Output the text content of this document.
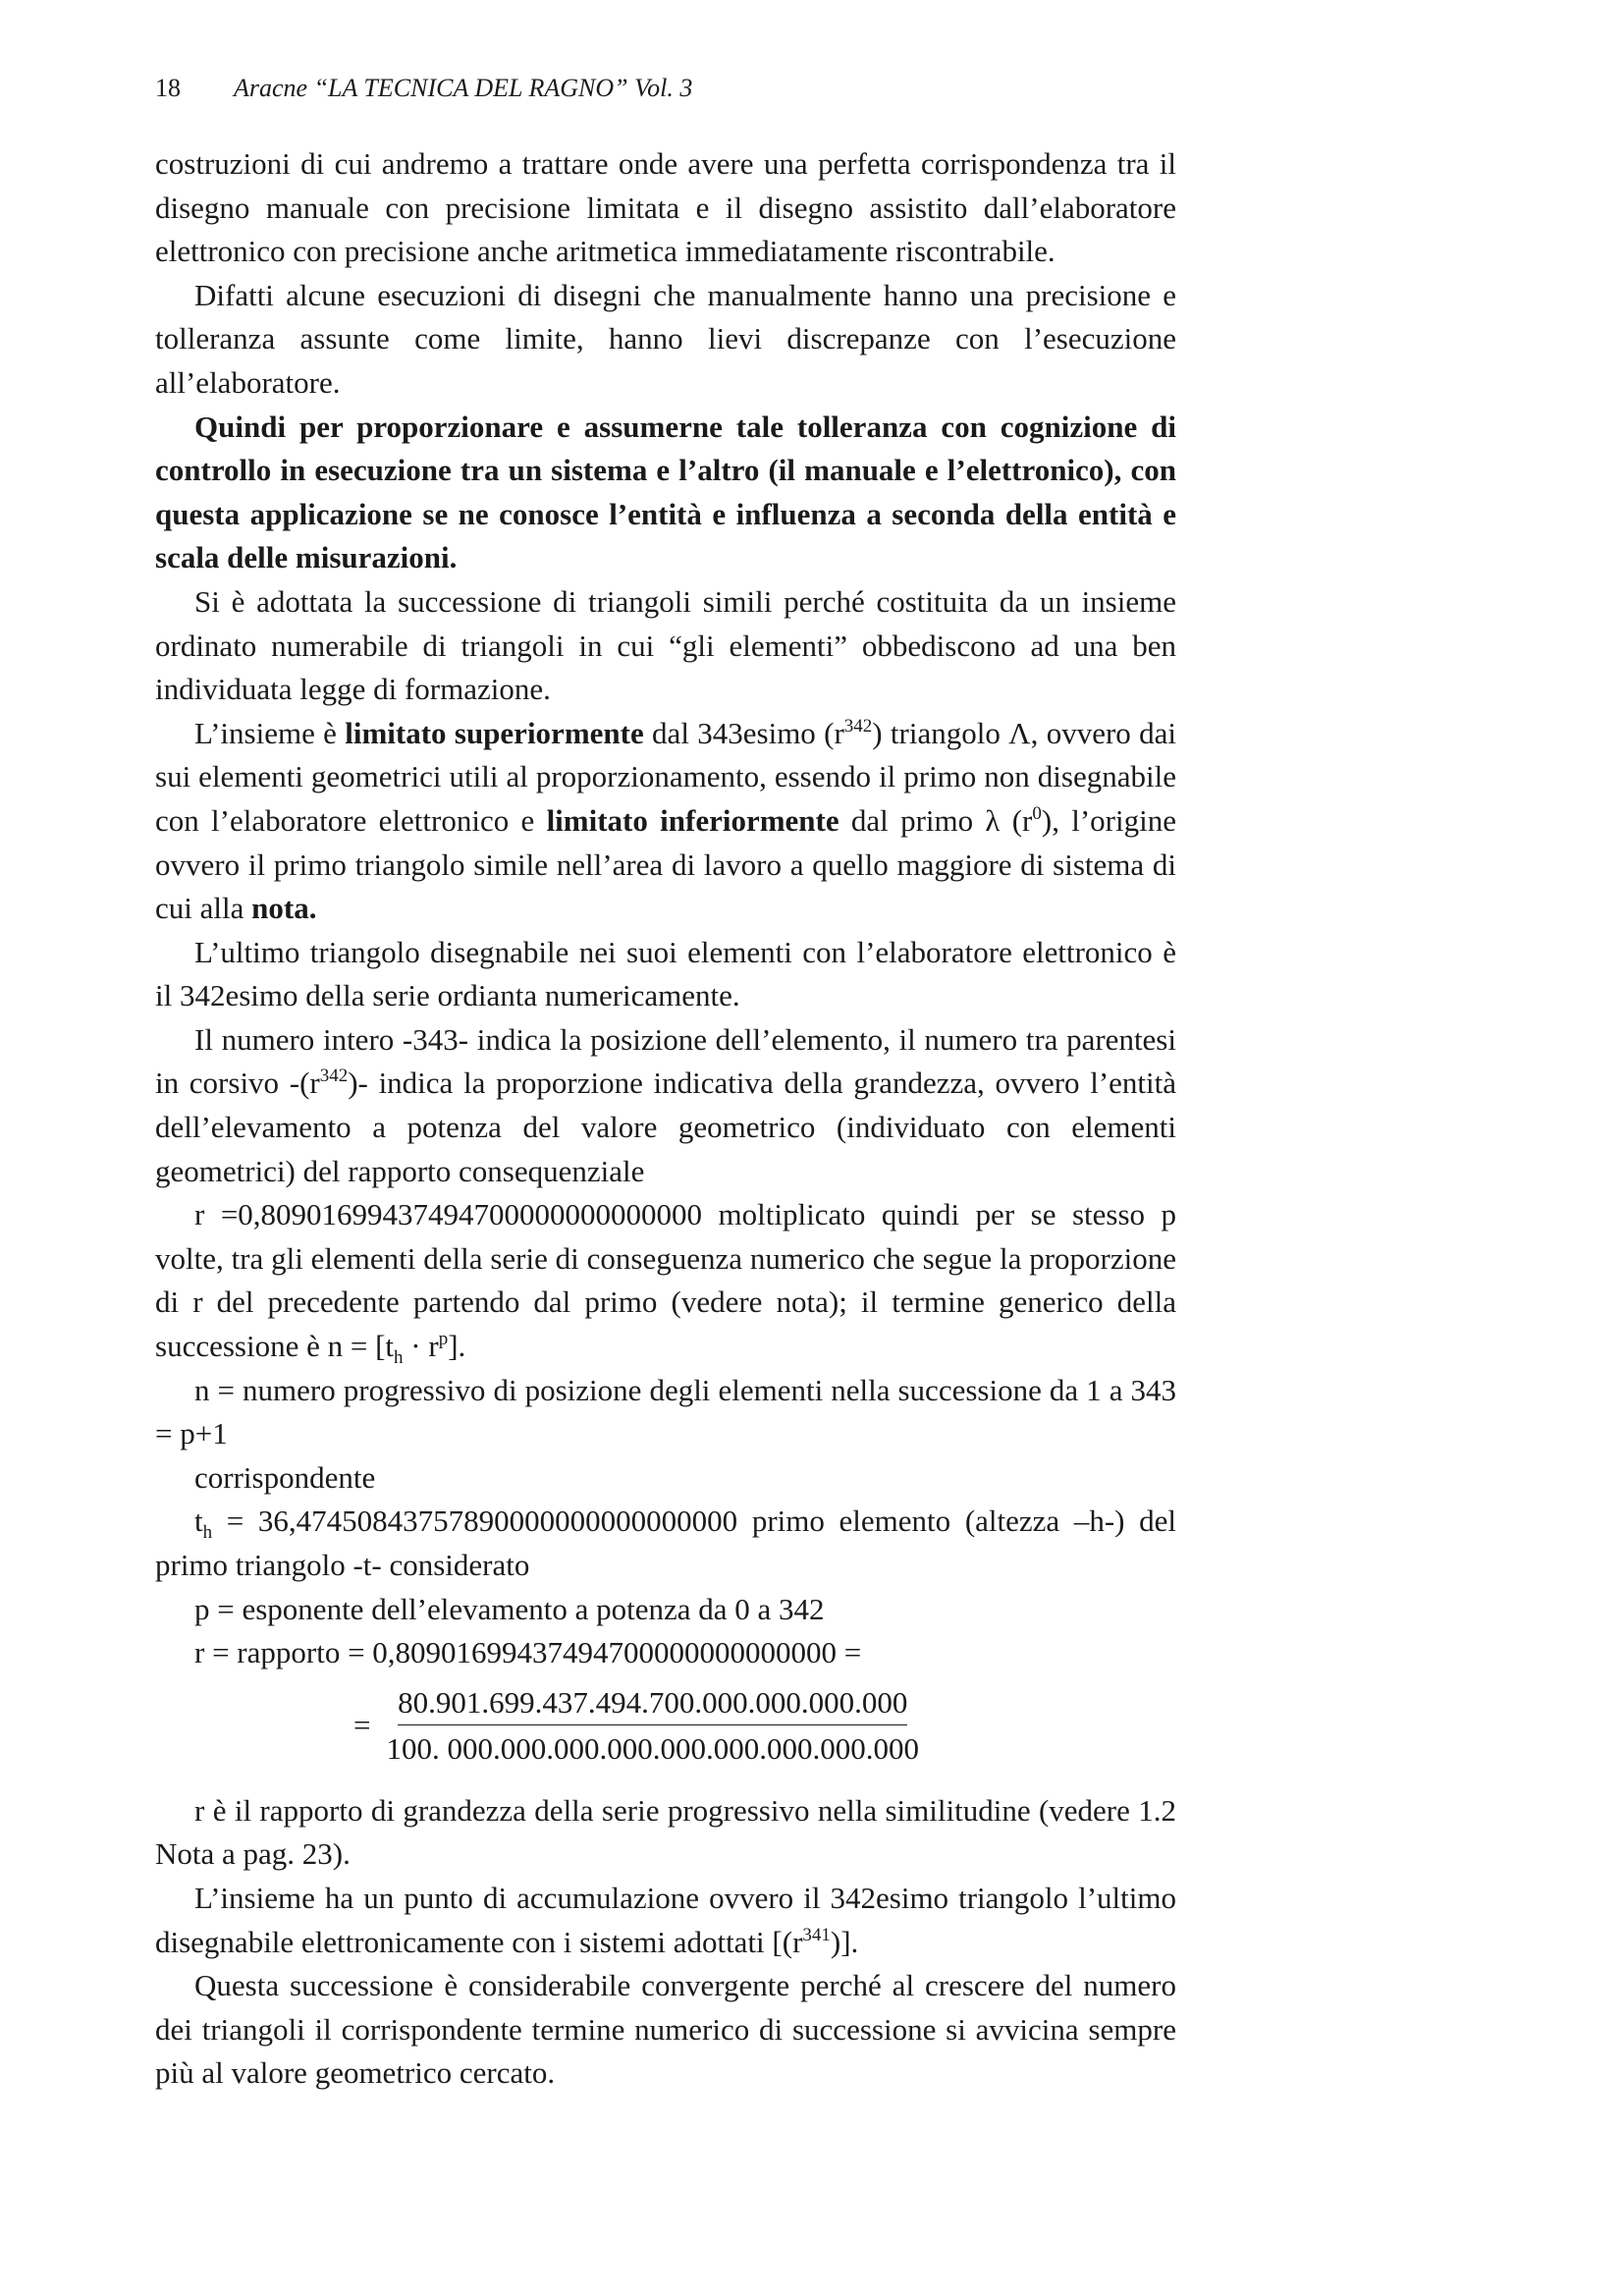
18 Aracne “LA TECNICA DEL RAGNO” Vol. 3

costruzioni di cui andremo a trattare onde avere una perfetta corrispondenza tra il disegno manuale con precisione limitata e il disegno assistito dall’elaboratore elettronico con precisione anche aritmetica immediatamente riscontrabile.

Difatti alcune esecuzioni di disegni che manualmente hanno una precisione e tolleranza assunte come limite, hanno lievi discrepanze con l’esecuzione all’elaboratore.

Quindi per proporzionare e assumerne tale tolleranza con cognizione di controllo in esecuzione tra un sistema e l’altro (il manuale e l’elettronico), con questa applicazione se ne conosce l’entità e influenza a seconda della entità e scala delle misurazioni.

Si è adottata la successione di triangoli simili perché costituita da un insieme ordinato numerabile di triangoli in cui “gli elementi” obbediscono ad una ben individuata legge di formazione.

L’insieme è limitato superiormente dal 343esimo $(r^{342})$ triangolo Λ, ovvero dai sui elementi geometrici utili al proporzionamento, essendo il primo non disegnabile con l’elaboratore elettronico e limitato inferiormente dal primo λ $(r^0)$, l’origine ovvero il primo triangolo simile nell’area di lavoro a quello maggiore di sistema di cui alla nota.

L’ultimo triangolo disegnabile nei suoi elementi con l’elaboratore elettronico è il 342esimo della serie ordianta numericamente.

Il numero intero -343- indica la posizione dell’elemento, il numero tra parentesi in corsivo $-(r^{342})-$ indica la proporzione indicativa della grandezza, ovvero l’entità dell’elevamento a potenza del valore geometrico (individuato con elementi geometrici) del rapporto consequenziale

r =0,80901699437494700000000000000 moltiplicato quindi per se stesso p volte, tra gli elementi della serie di conseguenza numerico che segue la proporzione di r del precedente partendo dal primo (vedere nota); il termine generico della successione è $n = [t_h \cdot r^p]$.

n = numero progressivo di posizione degli elementi nella successione da 1 a 343 = p+1

corrispondente

$t_h = 36,47450843757890000000000000000$ primo elemento (altezza –h-) del primo triangolo -t- considerato

p = esponente dell’elevamento a potenza da 0 a 342

r = rapporto = 0,80901699437494700000000000000 =

= $\frac{80.901.699.437.494.700.000.000.000.000}{100. 000.000.000.000.000.000.000.000.000}$

r è il rapporto di grandezza della serie progressivo nella similitudine (vedere 1.2 Nota a pag. 23).

L’insieme ha un punto di accumulazione ovvero il 342esimo triangolo l’ultimo disegnabile elettronicamente con i sistemi adottati $[(r^{341})]$.

Questa successione è considerabile convergente perché al crescere del numero dei triangoli il corrispondente termine numerico di successione si avvicina sempre più al valore geometrico cercato.
